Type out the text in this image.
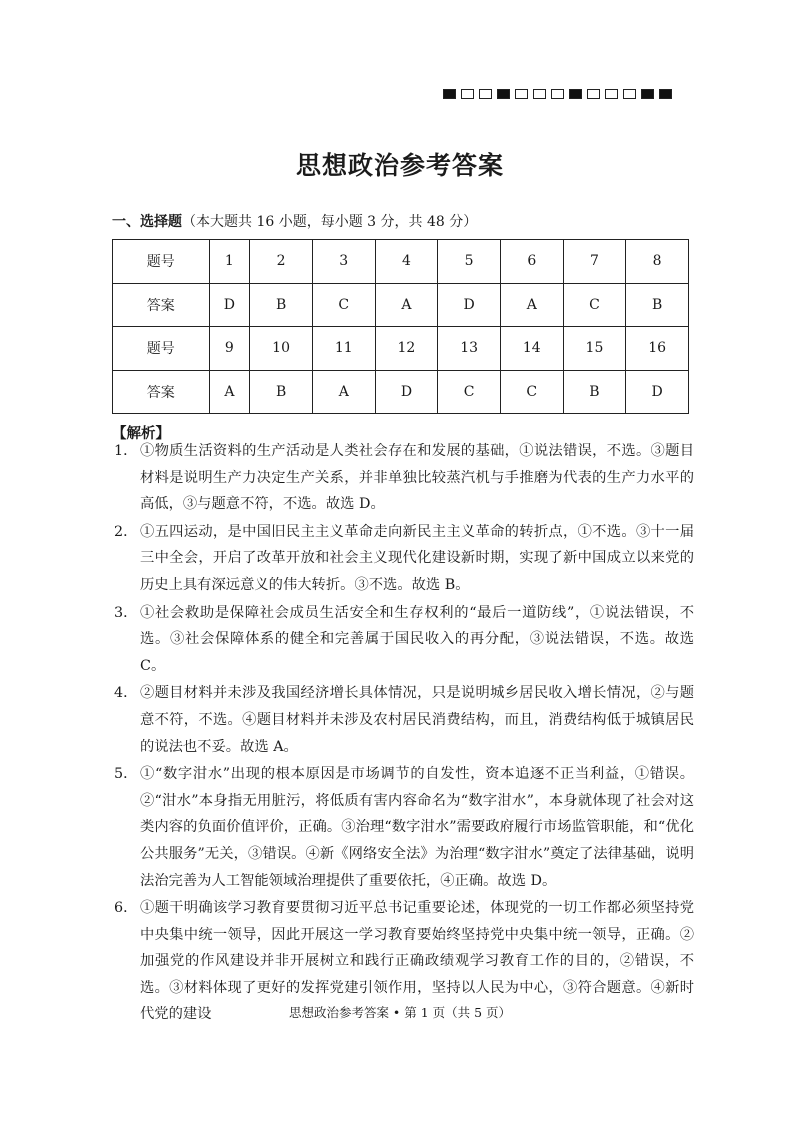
思想政治参考答案
一、选择题（本大题共 16 小题，每小题 3 分，共 48 分）
题号	1	2	3	4	5	6	7	8
答案	D	B	C	A	D	A	C	B
题号	9	10	11	12	13	14	15	16
答案	A	B	A	D	C	C	B	D
【解析】
1． ①物质生活资料的生产活动是人类社会存在和发展的基础，①说法错误，不选。③题目材料是说明生产力决定生产关系，并非单独比较蒸汽机与手推磨为代表的生产力水平的高低，③与题意不符，不选。故选 D。
2． ①五四运动，是中国旧民主主义革命走向新民主主义革命的转折点，①不选。③十一届三中全会，开启了改革开放和社会主义现代化建设新时期，实现了新中国成立以来党的历史上具有深远意义的伟大转折。③不选。故选 B。
3． ①社会救助是保障社会成员生活安全和生存权利的“最后一道防线”，①说法错误，不选。③社会保障体系的健全和完善属于国民收入的再分配，③说法错误，不选。故选 C。
4． ②题目材料并未涉及我国经济增长具体情况，只是说明城乡居民收入增长情况，②与题意不符，不选。④题目材料并未涉及农村居民消费结构，而且，消费结构低于城镇居民的说法也不妥。故选 A。
5． ①“数字泔水”出现的根本原因是市场调节的自发性，资本追逐不正当利益，①错误。②“泔水”本身指无用脏污，将低质有害内容命名为“数字泔水”，本身就体现了社会对这类内容的负面价值评价，正确。③治理“数字泔水”需要政府履行市场监管职能，和“优化公共服务”无关，③错误。④新《网络安全法》为治理“数字泔水”奠定了法律基础，说明法治完善为人工智能领域治理提供了重要依托，④正确。故选 D。
6． ①题干明确该学习教育要贯彻习近平总书记重要论述，体现党的一切工作都必须坚持党中央集中统一领导，因此开展这一学习教育要始终坚持党中央集中统一领导，正确。②加强党的作风建设并非开展树立和践行正确政绩观学习教育工作的目的，②错误，不选。③材料体现了更好的发挥党建引领作用，坚持以人民为中心，③符合题意。④新时代党的建设	思想政治参考答案 • 第 1 页（共 5 页）
